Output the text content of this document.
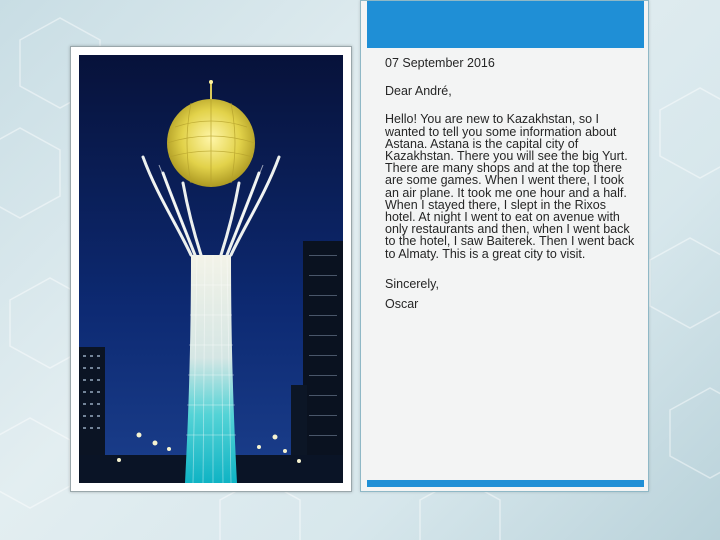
07 September 2016

Dear André,

Hello! You are new to Kazakhstan, so I wanted to tell you some information about Astana. Astana is the capital city of Kazakhstan. There you will see the big Yurt. There are many shops and at the top there are some games. When I went there, I took an air plane. It took me one hour and a half. When I stayed there, I slept in the Rixos hotel. At night I went to eat on avenue with only restaurants and then, when I went back to the hotel, I saw Baiterek. Then I went back to Almaty. This is a great city to visit.

Sincerely,

Oscar
